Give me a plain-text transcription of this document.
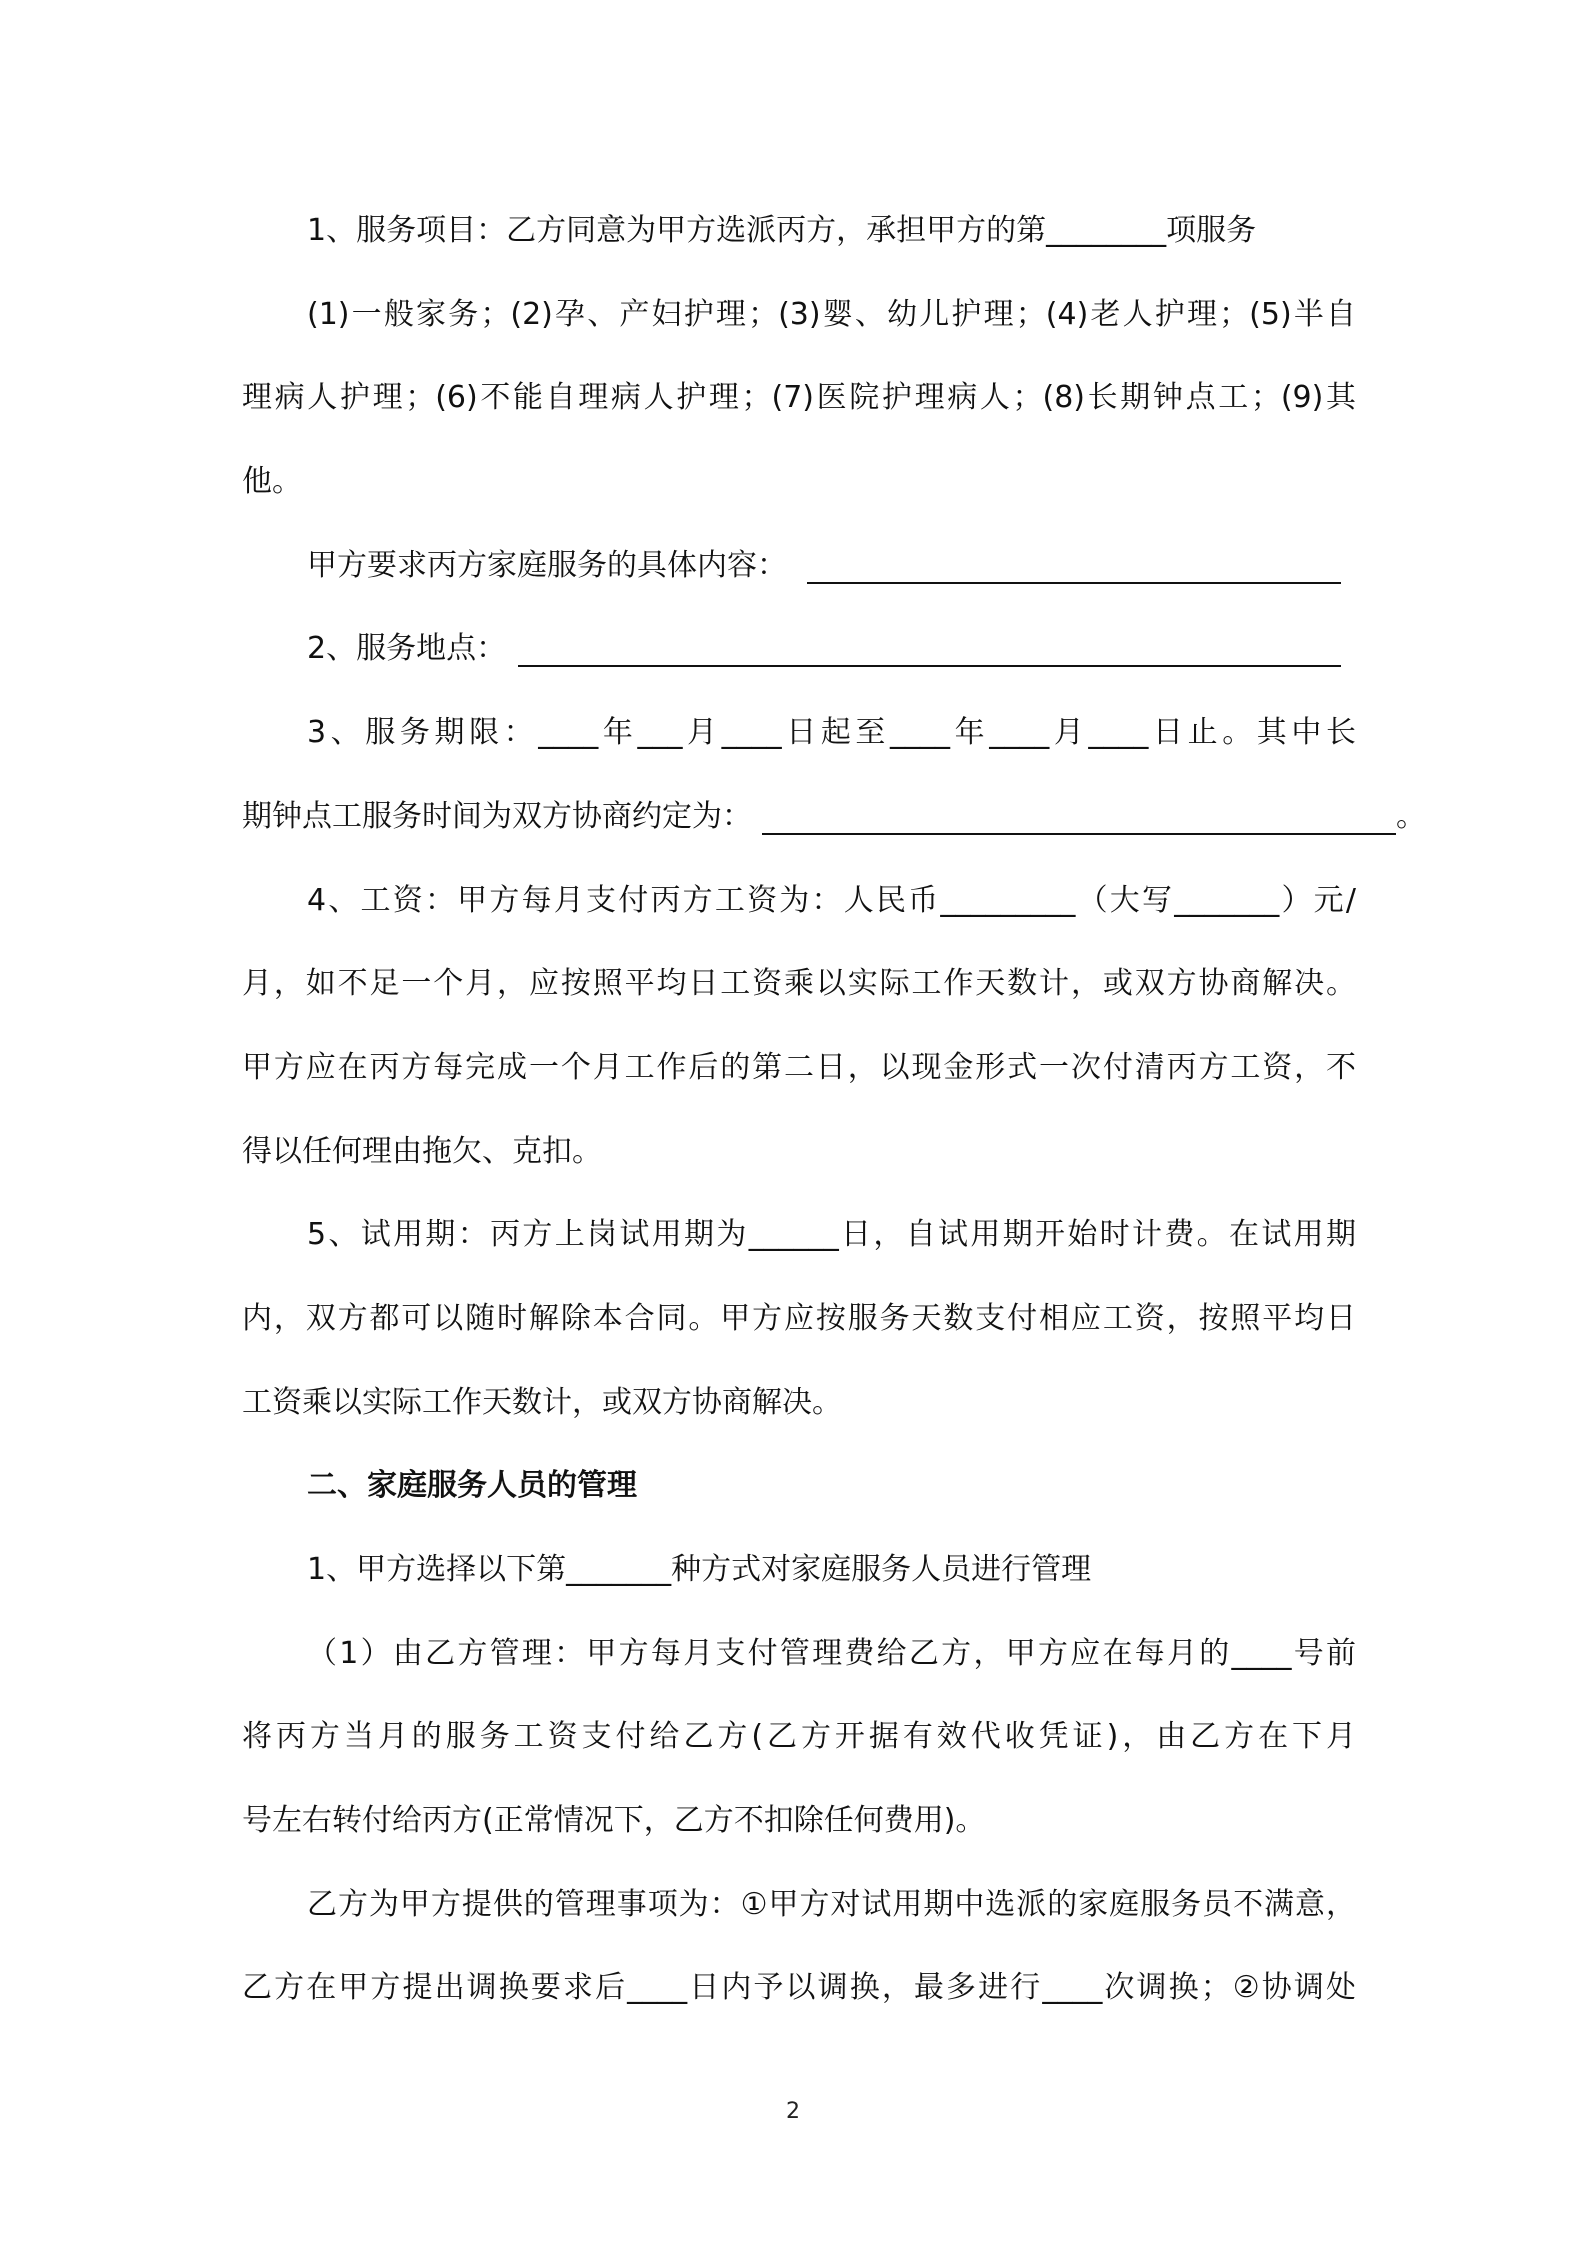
1、服务项目：乙方同意为甲方选派丙方，承担甲方的第________项服务
(1)一般家务；(2)孕、产妇护理；(3)婴、幼儿护理；(4)老人护理；(5)半自
理病人护理；(6)不能自理病人护理；(7)医院护理病人；(8)长期钟点工；(9)其
他。
甲方要求丙方家庭服务的具体内容：
2、服务地点：
3、服务期限：____年___月____日起至____年____月____日止。其中长
期钟点工服务时间为双方协商约定为：	。
4、工资：甲方每月支付丙方工资为：人民币_________（大写_______）元/
月，如不足一个月，应按照平均日工资乘以实际工作天数计，或双方协商解决。
甲方应在丙方每完成一个月工作后的第二日，以现金形式一次付清丙方工资，不
得以任何理由拖欠、克扣。
5、试用期：丙方上岗试用期为______日，自试用期开始时计费。在试用期
内，双方都可以随时解除本合同。甲方应按服务天数支付相应工资，按照平均日
工资乘以实际工作天数计，或双方协商解决。
二、家庭服务人员的管理
1、甲方选择以下第_______种方式对家庭服务人员进行管理
（1）由乙方管理：甲方每月支付管理费给乙方，甲方应在每月的____号前
将丙方当月的服务工资支付给乙方(乙方开据有效代收凭证)，由乙方在下月
号左右转付给丙方(正常情况下，乙方不扣除任何费用)。
乙方为甲方提供的管理事项为：①甲方对试用期中选派的家庭服务员不满意，
乙方在甲方提出调换要求后____日内予以调换，最多进行____次调换；②协调处
2
